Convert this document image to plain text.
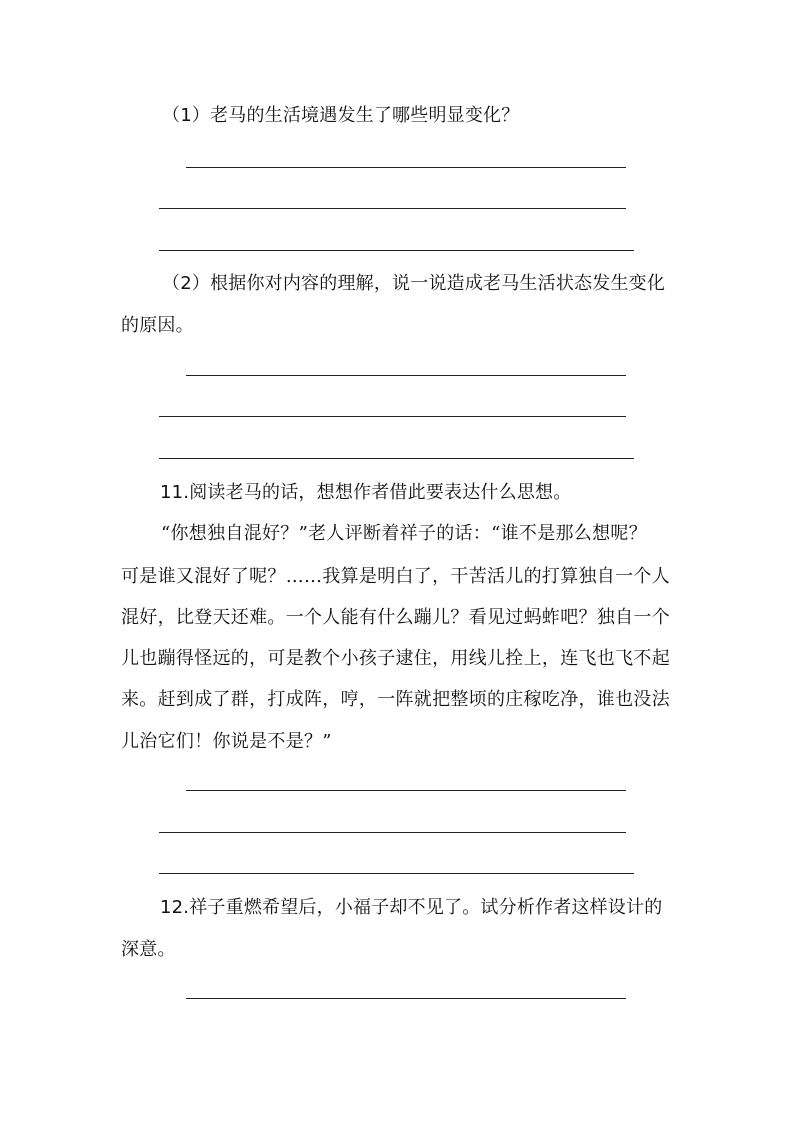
（1）老马的生活境遇发生了哪些明显变化？

（2）根据你对内容的理解，说一说造成老马生活状态发生变化

的原因。

11.阅读老马的话，想想作者借此要表达什么思想。

“你想独自混好？”老人评断着祥子的话：“谁不是那么想呢？

可是谁又混好了呢？……我算是明白了，干苦活儿的打算独自一个人

混好，比登天还难。一个人能有什么蹦儿？看见过蚂蚱吧？独自一个

儿也蹦得怪远的，可是教个小孩子逮住，用线儿拴上，连飞也飞不起

来。赶到成了群，打成阵，哼，一阵就把整顷的庄稼吃净，谁也没法

儿治它们！你说是不是？”

12.祥子重燃希望后，小福子却不见了。试分析作者这样设计的

深意。
